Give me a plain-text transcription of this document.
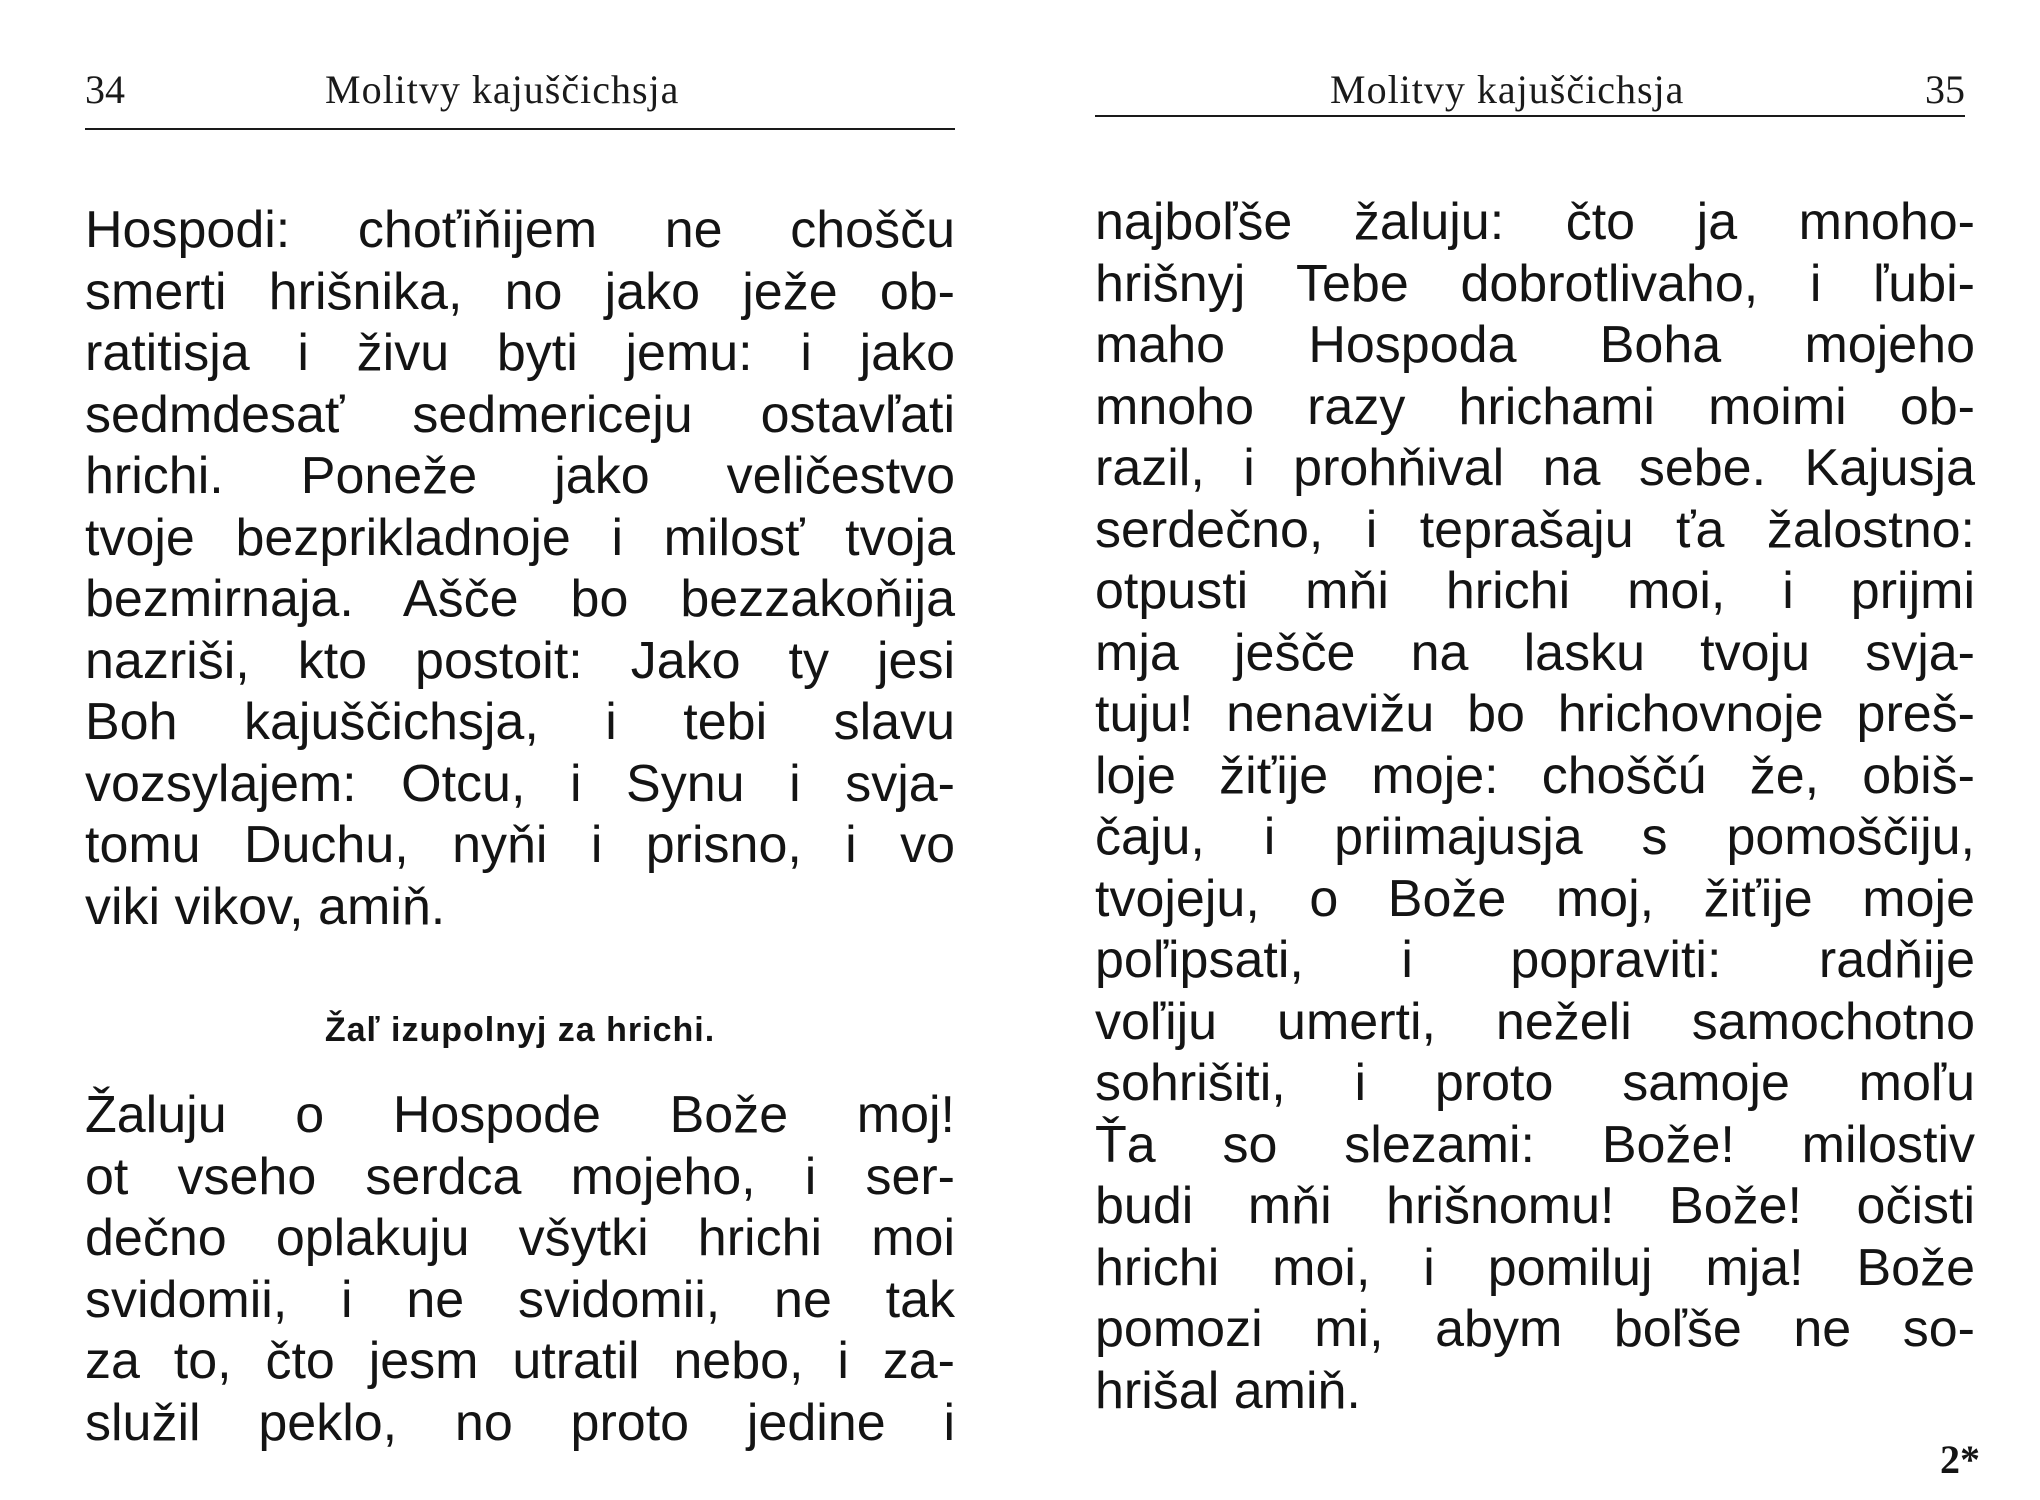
34	Molitvy kajuščichsja
Hospodi: choťiňijem ne chošču
smerti hrišnika, no jako ježe ob-
ratitisja i živu byti jemu: i jako
sedmdesať sedmericeju ostavľati
hrichi. Poneže jako veličestvo
tvoje bezprikladnoje i milosť tvoja
bezmirnaja. Ašče bo bezzakoňija
nazriši, kto postoit: Jako ty jesi
Boh kajuščichsja, i tebi slavu
vozsylajem: Otcu, i Synu i svja-
tomu Duchu, nyňi i prisno, i vo
viki vikov, amiň.
Žaľ izupolnyj za hrichi.
Žaluju o Hospode Bože moj!
ot vseho serdca mojeho, i ser-
dečno oplakuju všytki hrichi moi
svidomii, i ne svidomii, ne tak
za to, čto jesm utratil nebo, i za-
služil peklo, no proto jedine i
Molitvy kajuščichsja	35
najboľše žaluju: čto ja mnoho-
hrišnyj Tebe dobrotlivaho, i ľubi-
maho Hospoda Boha mojeho
mnoho razy hrichami moimi ob-
razil, i prohňival na sebe. Kajusja
serdečno, i teprašaju ťa žalostno:
otpusti mňi hrichi moi, i prijmi
mja ješče na lasku tvoju svja-
tuju! nenavižu bo hrichovnoje preš-
loje žiťije moje: choščú že, obiš-
čaju, i priimajusja s pomoščiju,
tvojeju, o Bože moj, žiťije moje
poľipsati, i popraviti: radňije
voľiju umerti, neželi samochotno
sohrišiti, i proto samoje moľu
Ťa so slezami: Bože! milostiv
budi mňi hrišnomu! Bože! očisti
hrichi moi, i pomiluj mja! Bože
pomozi mi, abym boľše ne so-
hrišal amiň.
2*
